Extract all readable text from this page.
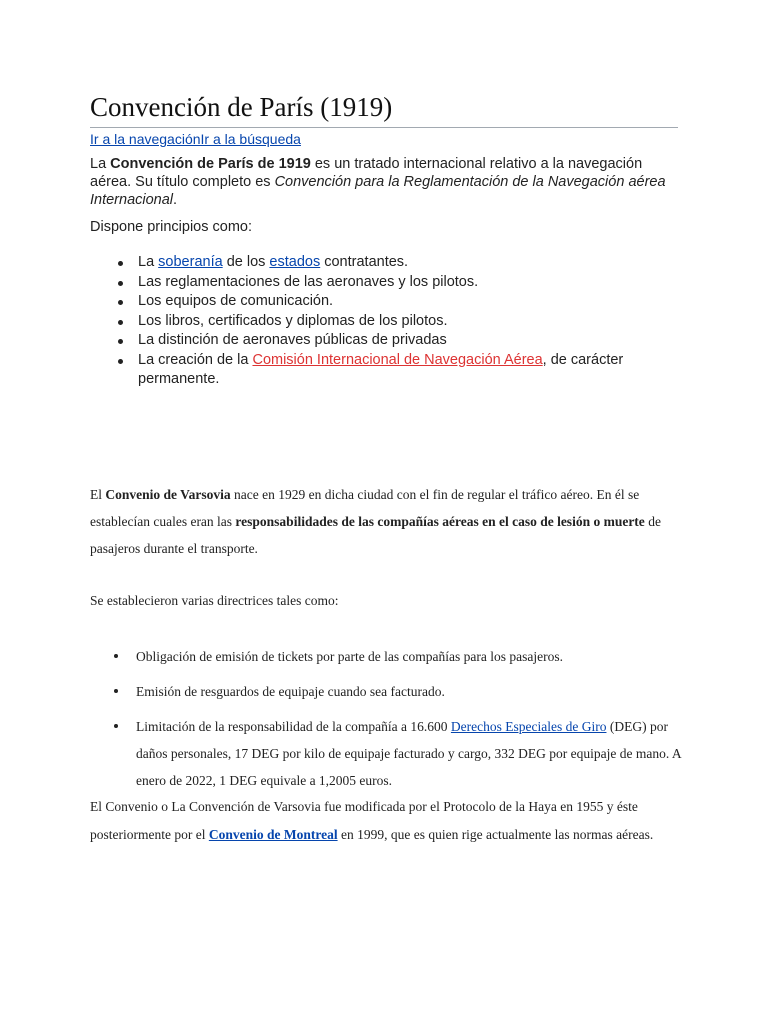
Convención de París (1919)
Ir a la navegaciónIr a la búsqueda

La Convención de París de 1919 es un tratado internacional relativo a la navegación aérea. Su título completo es Convención para la Reglamentación de la Navegación aérea Internacional.

Dispone principios como:

La soberanía de los estados contratantes.
Las reglamentaciones de las aeronaves y los pilotos.
Los equipos de comunicación.
Los libros, certificados y diplomas de los pilotos.
La distinción de aeronaves públicas de privadas
La creación de la Comisión Internacional de Navegación Aérea, de carácter permanente.

El Convenio de Varsovia nace en 1929 en dicha ciudad con el fin de regular el tráfico aéreo. En él se establecían cuales eran las responsabilidades de las compañías aéreas en el caso de lesión o muerte de pasajeros durante el transporte.

Se establecieron varias directrices tales como:

Obligación de emisión de tickets por parte de las compañías para los pasajeros.
Emisión de resguardos de equipaje cuando sea facturado.
Limitación de la responsabilidad de la compañía a 16.600 Derechos Especiales de Giro (DEG) por daños personales, 17 DEG por kilo de equipaje facturado y cargo, 332 DEG por equipaje de mano. A enero de 2022, 1 DEG equivale a 1,2005 euros.

El Convenio o La Convención de Varsovia fue modificada por el Protocolo de la Haya en 1955 y éste posteriormente por el Convenio de Montreal en 1999, que es quien rige actualmente las normas aéreas.
